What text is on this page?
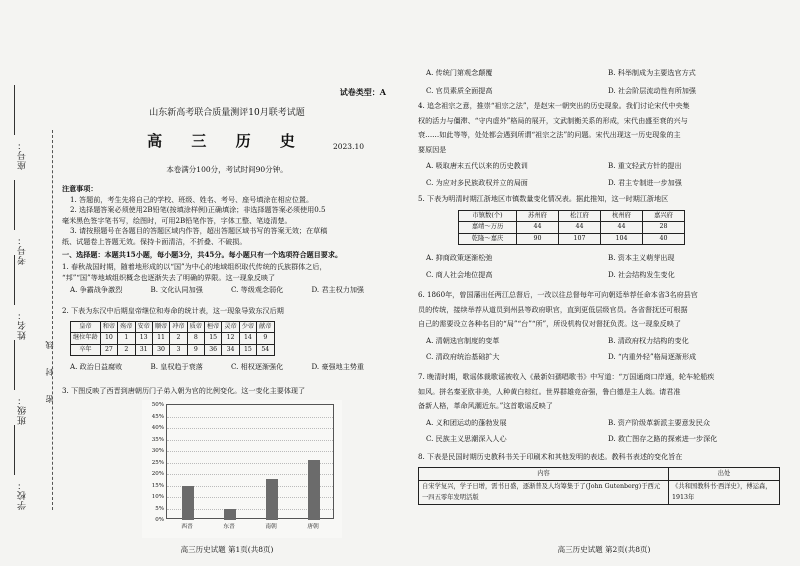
座号：
考号：
姓名：
班级：
学校：
密　　封　　线
试卷类型：A
山东新高考联合质量测评10月联考试题
高 三 历 史	2023.10
本卷满分100分，考试时间90分钟。
注意事项：
1. 答题前，考生先将自己的学校、班级、姓名、考号、座号填涂在相应位置。
2. 选择题答案必须使用2B铅笔(按填涂样例)正确填涂；非选择题答案必须使用0.5
毫米黑色签字笔书写，绘图时，可用2B铅笔作答，字体工整、笔迹清楚。
3. 请按照题号在各题目的答题区域内作答，超出答题区域书写的答案无效；在草稿
纸、试题卷上答题无效。保持卡面清洁，不折叠、不破损。
一、选择题：本题共15小题，每小题3分，共45分。每小题只有一个选项符合题目要求。
1. 春秋战国时期，随着地形成的以“国”为中心的地域组织取代传统的氏族群体之后，
“邦”“国”等地域组织概念也逐渐失去了明确的界限。这一现象反映了
A. 争霸战争激烈	B. 文化认同加强	C. 等级观念弱化	D. 君主权力加强
2. 下表为东汉中后期皇帝继位和寿命的统计表，这一现象导致东汉后期
皇帝	和帝	殇帝	安帝	顺帝	冲帝	质帝	桓帝	灵帝	少帝	献帝
继位年龄	10	1	13	11	2	8	15	12	14	9
卒年	27	2	31	30	3	9	36	34	15	54
A. 政治日益腐败	B. 皇权趋于衰落	C. 相权逐渐强化	D. 豪强地主势重
3. 下图反映了西晋到唐朝历门子弟入朝为官的比例变化。这一变化主要体现了
50%
45%
40%
35%
30%
25%
20%
15%
10%
5%
0%
西晋	东晋	南朝	唐朝
高三历史试题 第1页(共8页)
A. 传统门第观念颠覆	B. 科举制成为主要选官方式
C. 官员素质全面提高	D. 社会阶层流动性有所加强
4. 追念祖宗之意，推崇“祖宗之法”，是赵宋一朝突出的历史现象。我们讨论宋代中央集
权的活力与僵滞、“守内虚外”格局的展开，文武制衡关系的形成，宋代由盛至衰的兴与
衰……如此等等，处处都会遇到所谓“祖宗之法”的问题。宋代出现这一历史现象的主
要原因是
A. 吸取唐末五代以来的历史教训	B. 重文轻武方针的提出
C. 为应对多民族政权并立的局面	D. 君主专制进一步加强
5. 下表为明清时期江浙地区市镇数量变化情况表。据此推知，这一时期江浙地区
市镇数(个)	苏州府	松江府	杭州府	嘉兴府
嘉靖～万历	44	44	44	28
乾隆～嘉庆	90	107	104	40
A. 抑商政策逐渐松弛	B. 资本主义萌芽出现
C. 商人社会地位提高	D. 社会结构发生变化
6. 1860年，曾国藩出任两江总督后，一改以往总督每年可向朝廷举荐任命本省3名府县官
员的传统，接续举荐从道员到州县等政府职官，直到更低层级官员。各省督抚还可根据
自己的需要设立各种名目的“局”“台”“所”，所设机构仅对督抚负责。这一现象反映了
A. 清朝选官制度的变革	B. 清政府权力结构的变化
C. 清政府统治基础扩大	D. “内重外轻”格局逐渐形成
7. 晚清时期，歌谣体裁歌谣被收入《最新妇孺唱歌书》中写道：“万国通商口岸通，轮车轮船疾
如风。拼名秦亚欧非美，人种黄白棕红。世界群雄竞奋强，鲁白德是主人翁。请君准
备新人格，革命风潮近东。”这首歌谣反映了
A. 义和团运动的蓬勃发展	B. 资产阶级革新派主要意发民众
C. 民族主义思潮深入人心	D. 救亡图存之路的探索进一步深化
8. 下表是民国时期历史教科书关于印刷术和其他发明的表述。教科书表述的变化旨在
内容	出处
自宋学复兴，学子日增，需书日盛，逐渐普及人均筹集于了(John Gutenberg)于西元一四五零年发明活版	《共和国教科书·西洋史》，傅运森，1913年
高三历史试题 第2页(共8页)
